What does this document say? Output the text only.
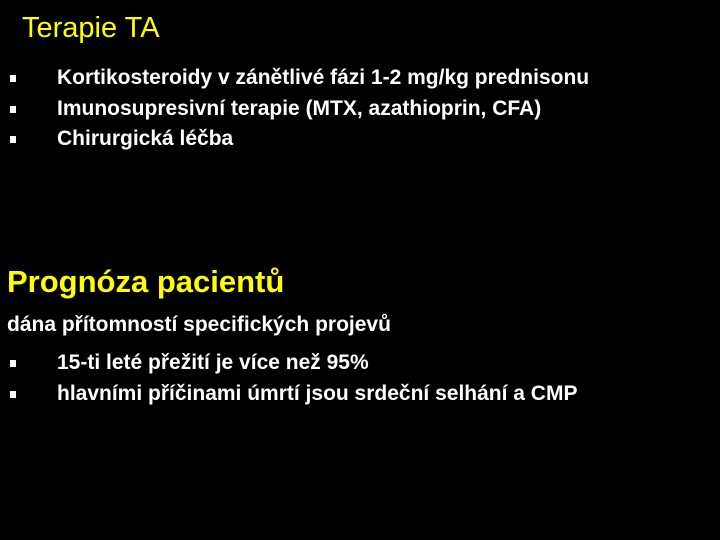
Terapie TA
Kortikosteroidy v zánětlivé fázi 1-2 mg/kg prednisonu
Imunosupresivní terapie (MTX, azathioprin, CFA)
Chirurgická léčba
Prognóza pacientů
dána přítomností specifických projevů
15-ti leté přežití je více než 95%
hlavními příčinami úmrtí jsou srdeční selhání a CMP
